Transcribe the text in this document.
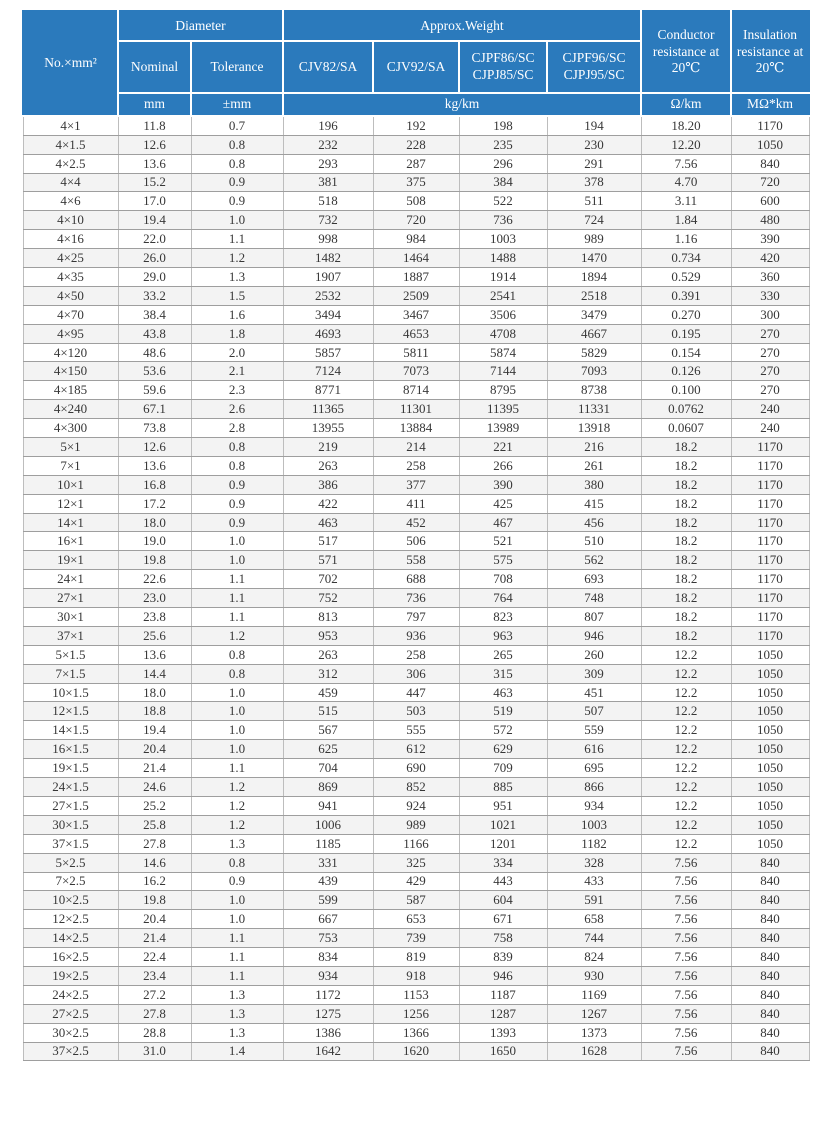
No.×mm²	Diameter		Approx.Weight				Conductor resistance at 20℃	Insulation resistance at 20℃
	Nominal	Tolerance	CJV82/SA	CJV92/SA	CJPF86/SC CJPJ85/SC	CJPF96/SC CJPJ95/SC		
	mm	±mm	kg/km				Ω/km	MΩ*km
4×1	11.8	0.7	196	192	198	194	18.20	1170
4×1.5	12.6	0.8	232	228	235	230	12.20	1050
4×2.5	13.6	0.8	293	287	296	291	7.56	840
4×4	15.2	0.9	381	375	384	378	4.70	720
4×6	17.0	0.9	518	508	522	511	3.11	600
4×10	19.4	1.0	732	720	736	724	1.84	480
4×16	22.0	1.1	998	984	1003	989	1.16	390
4×25	26.0	1.2	1482	1464	1488	1470	0.734	420
4×35	29.0	1.3	1907	1887	1914	1894	0.529	360
4×50	33.2	1.5	2532	2509	2541	2518	0.391	330
4×70	38.4	1.6	3494	3467	3506	3479	0.270	300
4×95	43.8	1.8	4693	4653	4708	4667	0.195	270
4×120	48.6	2.0	5857	5811	5874	5829	0.154	270
4×150	53.6	2.1	7124	7073	7144	7093	0.126	270
4×185	59.6	2.3	8771	8714	8795	8738	0.100	270
4×240	67.1	2.6	11365	11301	11395	11331	0.0762	240
4×300	73.8	2.8	13955	13884	13989	13918	0.0607	240
5×1	12.6	0.8	219	214	221	216	18.2	1170
7×1	13.6	0.8	263	258	266	261	18.2	1170
10×1	16.8	0.9	386	377	390	380	18.2	1170
12×1	17.2	0.9	422	411	425	415	18.2	1170
14×1	18.0	0.9	463	452	467	456	18.2	1170
16×1	19.0	1.0	517	506	521	510	18.2	1170
19×1	19.8	1.0	571	558	575	562	18.2	1170
24×1	22.6	1.1	702	688	708	693	18.2	1170
27×1	23.0	1.1	752	736	764	748	18.2	1170
30×1	23.8	1.1	813	797	823	807	18.2	1170
37×1	25.6	1.2	953	936	963	946	18.2	1170
5×1.5	13.6	0.8	263	258	265	260	12.2	1050
7×1.5	14.4	0.8	312	306	315	309	12.2	1050
10×1.5	18.0	1.0	459	447	463	451	12.2	1050
12×1.5	18.8	1.0	515	503	519	507	12.2	1050
14×1.5	19.4	1.0	567	555	572	559	12.2	1050
16×1.5	20.4	1.0	625	612	629	616	12.2	1050
19×1.5	21.4	1.1	704	690	709	695	12.2	1050
24×1.5	24.6	1.2	869	852	885	866	12.2	1050
27×1.5	25.2	1.2	941	924	951	934	12.2	1050
30×1.5	25.8	1.2	1006	989	1021	1003	12.2	1050
37×1.5	27.8	1.3	1185	1166	1201	1182	12.2	1050
5×2.5	14.6	0.8	331	325	334	328	7.56	840
7×2.5	16.2	0.9	439	429	443	433	7.56	840
10×2.5	19.8	1.0	599	587	604	591	7.56	840
12×2.5	20.4	1.0	667	653	671	658	7.56	840
14×2.5	21.4	1.1	753	739	758	744	7.56	840
16×2.5	22.4	1.1	834	819	839	824	7.56	840
19×2.5	23.4	1.1	934	918	946	930	7.56	840
24×2.5	27.2	1.3	1172	1153	1187	1169	7.56	840
27×2.5	27.8	1.3	1275	1256	1287	1267	7.56	840
30×2.5	28.8	1.3	1386	1366	1393	1373	7.56	840
37×2.5	31.0	1.4	1642	1620	1650	1628	7.56	840
